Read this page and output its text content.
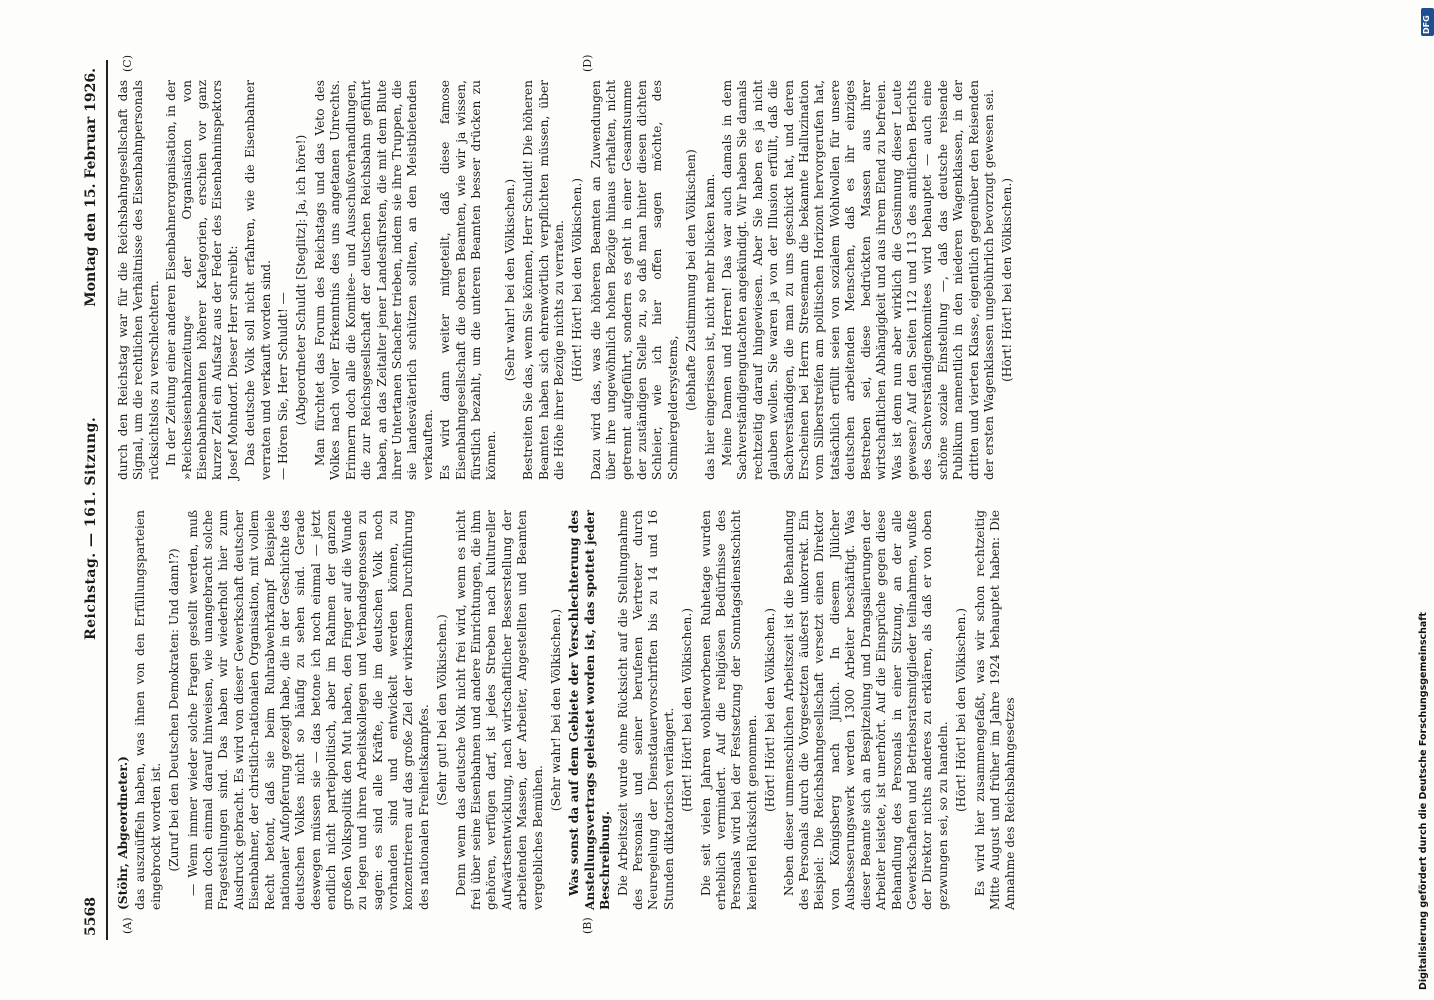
5568
Reichstag. — 161. Sitzung.
Montag den 15. Februar 1926.
(A)	(B)
(C)	(D)

(Stöhr, Abgeordneter.) das auszuüffeln haben, was ihnen von den Erfüllungsparteien eingebrockt worden ist. (Zuruf bei den Deutschen Demokraten: Und dann!?) — Wenn immer wieder solche Fragen gestellt werden, muß man doch einmal darauf hinweisen, wie unangebracht solche Fragestellungen sind. Das haben wir wiederholt hier zum Ausdruck gebracht. Es wird von dieser Gewerkschaft deutscher Eisenbahner, der christlich-nationalen Organisation, mit vollem Recht betont, daß sie beim Ruhrabwehrkampf Beispiele nationaler Aufopferung gezeigt habe, die in der Geschichte des deutschen Volkes nicht so häufig zu sehen sind. Gerade deswegen müssen sie — das betone ich noch einmal — jetzt endlich nicht parteipolitisch, aber im Rahmen der ganzen großen Volkspolitik den Mut haben, den Finger auf die Wunde zu legen und ihren Arbeitskollegen und Verbandsgenossen zu sagen: es sind alle Kräfte, die im deutschen Volk noch vorhanden sind und entwickelt werden können, zu konzentrieren auf das große Ziel der wirksamen Durchführung des nationalen Freiheitskampfes. (Sehr gut! bei den Völkischen.) Denn wenn das deutsche Volk nicht frei wird, wenn es nicht frei über seine Eisenbahnen und andere Einrichtungen, die ihm gehören, verfügen darf, ist jedes Streben nach kultureller Aufwärtsentwicklung, nach wirtschaftlicher Besserstellung der arbeitenden Massen, der Arbeiter, Angestellten und Beamten vergebliches Bemühen.

(Sehr wahr! bei den Völkischen.) Was sonst da auf dem Gebiete der Verschlechterung des Anstellungsvertrags geleistet worden ist, das spottet jeder Beschreibung. Die Arbeitszeit wurde ohne Rücksicht auf die Stellungnahme des Personals und seiner berufenen Vertreter durch Neuregelung der Dienstdauervorschriften bis zu 14 und 16 Stunden diktatorisch verlängert. (Hört! Hört! bei den Völkischen.) Die seit vielen Jahren wohlerworbenen Ruhetage wurden erheblich vermindert. Auf die religiösen Bedürfnisse des Personals wird bei der Festsetzung der Sonntagsdienstschicht keinerlei Rücksicht genommen.

(Hört! Hört! bei den Völkischen.) Neben dieser unmenschlichen Arbeitszeit ist die Behandlung des Personals durch die Vorgesetzten äußerst unkorrekt. Ein Beispiel: Die Reichsbahngesellschaft versetzt einen Direktor von Königsberg nach Jülich. In diesem Jülicher Ausbesserungswerk werden 1300 Arbeiter beschäftigt. Was dieser Beamte sich an Bespitzelung und Drangsalierungen der Arbeiter leistete, ist unerhört. Auf die Einsprüche gegen diese Behandlung des Personals in einer Sitzung, an der alle Gewerkschaften und Betriebsratsmitglieder teilnahmen, wußte der Direktor nichts anderes zu erklären, als daß er von oben gezwungen sei, so zu handeln.

(Hört! Hört! bei den Völkischen.) Es wird hier zusammengefaßt, was wir schon rechtzeitig Mitte August und früher im Jahre 1924 behauptet haben: Die Annahme des Reichsbahngesetzes

durch den Reichstag war für die Reichsbahngesellschaft das Signal, um die rechtlichen Verhältnisse des Eisenbahnpersonals rücksichtslos zu verschlechtern. In der Zeitung einer anderen Eisenbahnerorganisation, in der »Reichseisenbahnzeitung« der Organisation von Eisenbahnbeamten höherer Kategorien, erschien vor ganz kurzer Zeit ein Aufsatz aus der Feder des Eisenbahninspektors Josef Mohndorf. Dieser Herr schreibt: Das deutsche Volk soll nicht erfahren, wie die Eisenbahner verraten und verkauft worden sind. — Hören Sie, Herr Schuldt! — (Abgeordneter Schuldt [Steglitz]: Ja, ich höre!) Man fürchtet das Forum des Reichstags und das Veto des Volkes nach voller Erkenntnis des uns angetanen Unrechts. Erinnern doch alle die Komitee- und Ausschußverhandlungen, die zur Reichsgesellschaft der deutschen Reichsbahn geführt haben, an das Zeitalter jener Landesfürsten, die mit dem Blute ihrer Untertanen Schacher trieben, indem sie ihre Truppen, die sie landesväterlich schützen sollten, an den Meistbietenden verkauften. Es wird dann weiter mitgeteilt, daß diese famose Eisenbahngesellschaft die oberen Beamten, wie wir ja wissen, fürstlich bezahlt, um die unteren Beamten besser drücken zu können.

(Sehr wahr! bei den Völkischen.) Bestreiten Sie das, wenn Sie können, Herr Schuldt! Die höheren Beamten haben sich ehrenwörtlich verpflichten müssen, über die Höhe ihrer Bezüge nichts zu verraten. (Hört! Hört! bei den Völkischen.) Dazu wird das, was die höheren Beamten an Zuwendungen über ihre ungewöhnlich hohen Bezüge hinaus erhalten, nicht getrennt aufgeführt, sondern es geht in einer Gesamtsumme der zuständigen Stelle zu, so daß man hinter diesen dichten Schleier, wie ich hier offen sagen möchte, des Schmiergeldersystems, (lebhafte Zustimmung bei den Völkischen) das hier eingerissen ist, nicht mehr blicken kann. Meine Damen und Herren! Das war auch damals in dem Sachverständigengutachten angekündigt. Wir haben Sie damals rechtzeitig darauf hingewiesen. Aber Sie haben es ja nicht glauben wollen. Sie waren ja von der Illusion erfüllt, daß die Sachverständigen, die man zu uns geschickt hat, und deren Erscheinen bei Herrn Stresemann die bekannte Halluzination vom Silberstreifen am politischen Horizont hervorgerufen hat, tatsächlich erfüllt seien von sozialem Wohlwollen für unsere deutschen arbeitenden Menschen, daß es ihr einziges Bestreben sei, diese bedrückten Massen aus ihrer wirtschaftlichen Abhängigkeit und aus ihrem Elend zu befreien. Was ist denn nun aber wirklich die Gesinnung dieser Leute gewesen? Auf den Seiten 112 und 113 des amtlichen Berichts des Sachverständigenkomitees wird behauptet — auch eine schöne soziale Einstellung —, daß das deutsche reisende Publikum namentlich in den niederen Wagenklassen, in der dritten und vierten Klasse, eigentlich gegenüber den Reisenden der ersten Wagenklassen ungebührlich bevorzugt gewesen sei. (Hört! Hört! bei den Völkischen.)

Digitalisierung gefördert durch die Deutsche Forschungsgemeinschaft
DFG
